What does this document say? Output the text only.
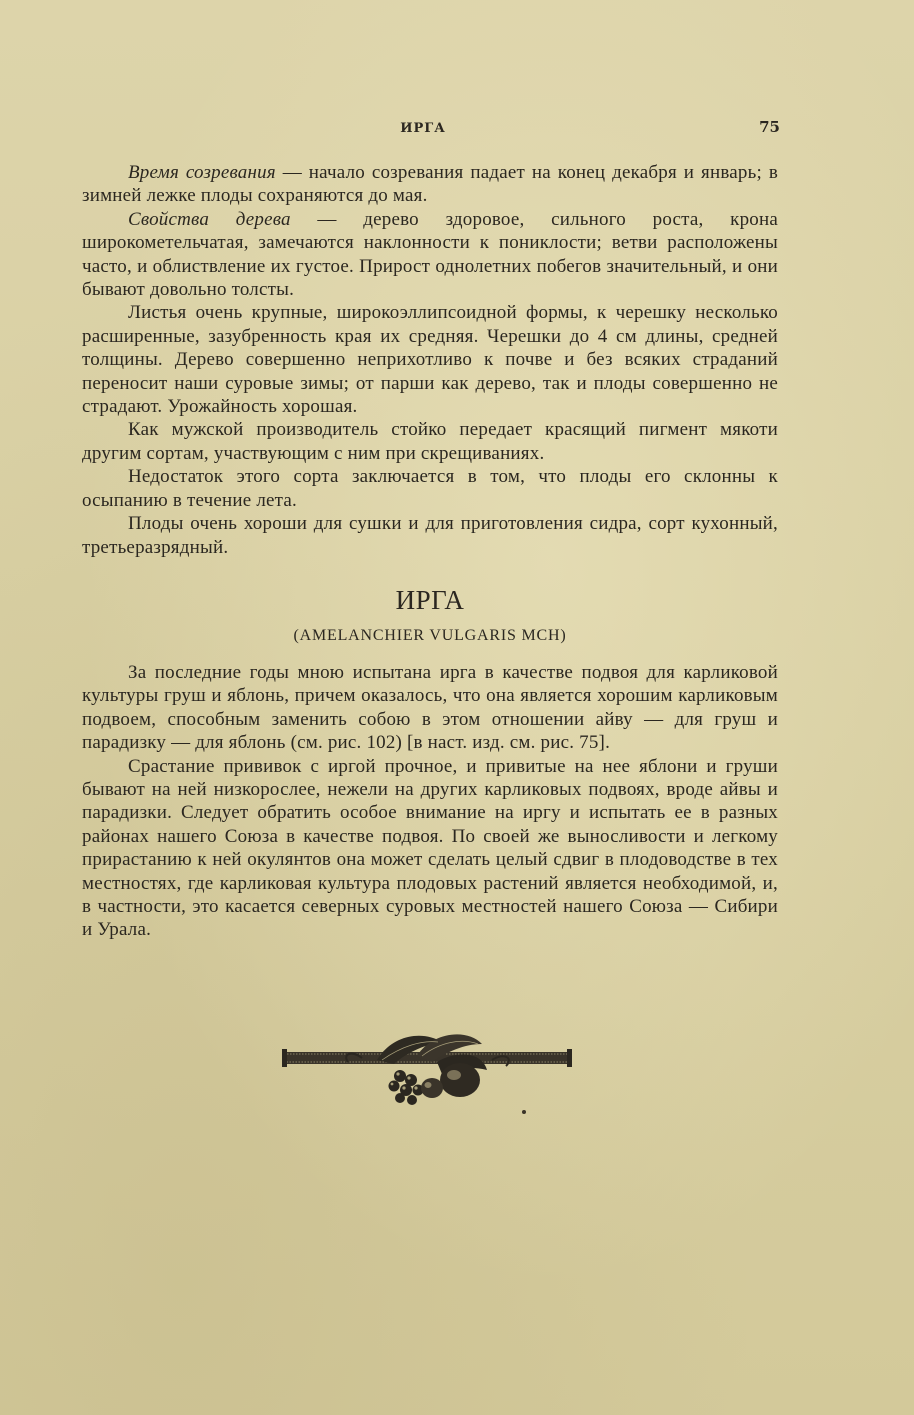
ИРГА	75

Время созревания — начало созревания падает на конец декабря и январь; в зимней лежке плоды сохраняются до мая.

Свойства дерева — дерево здоровое, сильного роста, крона широкометельчатая, замечаются наклонности к пониклости; ветви расположены часто, и облиствление их густое. Прирост однолетних побегов значительный, и они бывают довольно толсты.

Листья очень крупные, широкоэллипсоидной формы, к черешку несколько расширенные, зазубренность края их средняя. Черешки до 4 см длины, средней толщины. Дерево совершенно неприхотливо к почве и без всяких страданий переносит наши суровые зимы; от парши как дерево, так и плоды совершенно не страдают. Урожайность хорошая.

Как мужской производитель стойко передает красящий пигмент мякоти другим сортам, участвующим с ним при скрещиваниях.

Недостаток этого сорта заключается в том, что плоды его склонны к осыпанию в течение лета.

Плоды очень хороши для сушки и для приготовления сидра, сорт кухонный, третьеразрядный.

ИРГА
(AMELANCHIER VULGARIS MCH)

За последние годы мною испытана ирга в качестве подвоя для карликовой культуры груш и яблонь, причем оказалось, что она является хорошим карликовым подвоем, способным заменить собою в этом отношении айву — для груш и парадизку — для яблонь (см. рис. 102) [в наст. изд. см. рис. 75].

Срастание прививок с иргой прочное, и привитые на нее яблони и груши бывают на ней низкорослее, нежели на других карликовых подвоях, вроде айвы и парадизки. Следует обратить особое внимание на иргу и испытать ее в разных районах нашего Союза в качестве подвоя. По своей же выносливости и легкому прирастанию к ней окулянтов она может сделать целый сдвиг в плодоводстве в тех местностях, где карликовая культура плодовых растений является необходимой, и, в частности, это касается северных суровых местностей нашего Союза — Сибири и Урала.
